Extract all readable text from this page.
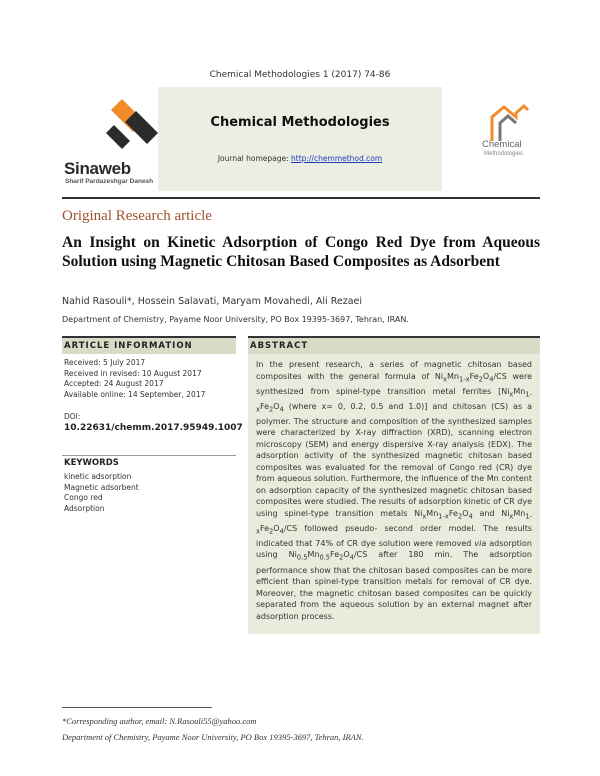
Chemical Methodologies 1 (2017) 74-86
Sinaweb
Sharif Pardazeshgar Danesh
Chemical Methodologies
Journal homepage: http://chemmethod.com
Chemical
Methodologies
Original Research article
An Insight on Kinetic Adsorption of Congo Red Dye from Aqueous Solution using Magnetic Chitosan Based Composites as Adsorbent
Nahid Rasouli*, Hossein Salavati, Maryam Movahedi, Ali Rezaei
Department of Chemistry, Payame Noor University, PO Box 19395-3697, Tehran, IRAN.
ARTICLE INFORMATION
Received: 5 July 2017
Received in revised: 10 August 2017
Accepted: 24 August 2017
Available online: 14 September, 2017
DOI:
10.22631/chemm.2017.95949.1007
KEYWORDS
kinetic adsorption
Magnetic adsorbent
Congo red
Adsorption
ABSTRACT
In the present research, a series of magnetic chitosan based composites with the general formula of $Ni_xMn_{1-x}Fe_2O_4/CS$ were synthesized from spinel-type transition metal ferrites [$Ni_xMn_{1-x}Fe_2O_4$ (where x= 0, 0.2, 0.5 and 1.0)] and chitosan (CS) as a polymer. The structure and composition of the synthesized samples were characterized by X-ray diffraction (XRD), scanning electron microscopy (SEM) and energy dispersive X-ray analysis (EDX). The adsorption activity of the synthesized magnetic chitosan based composites was evaluated for the removal of Congo red (CR) dye from aqueous solution. Furthermore, the influence of the Mn content on adsorption capacity of the synthesized magnetic chitosan based composites were studied. The results of adsorption kinetic of CR dye using spinel-type transition metals $Ni_xMn_{1-x}Fe_2O_4$ and $Ni_xMn_{1-x}Fe_2O_4/CS$ followed pseudo- second order model. The results indicated that 74% of CR dye solution were removed via adsorption using $Ni_{0.5}Mn_{0.5}Fe_2O_4/CS$ after 180 min. The adsorption performance show that the chitosan based composites can be more efficient than spinel-type transition metals for removal of CR dye. Moreover, the magnetic chitosan based composites can be quickly separated from the aqueous solution by an external magnet after adsorption process.
*Corresponding author, email: N.Rasouli55@yahoo.com
Department of Chemistry, Payame Noor University, PO Box 19395-3697, Tehran, IRAN.
